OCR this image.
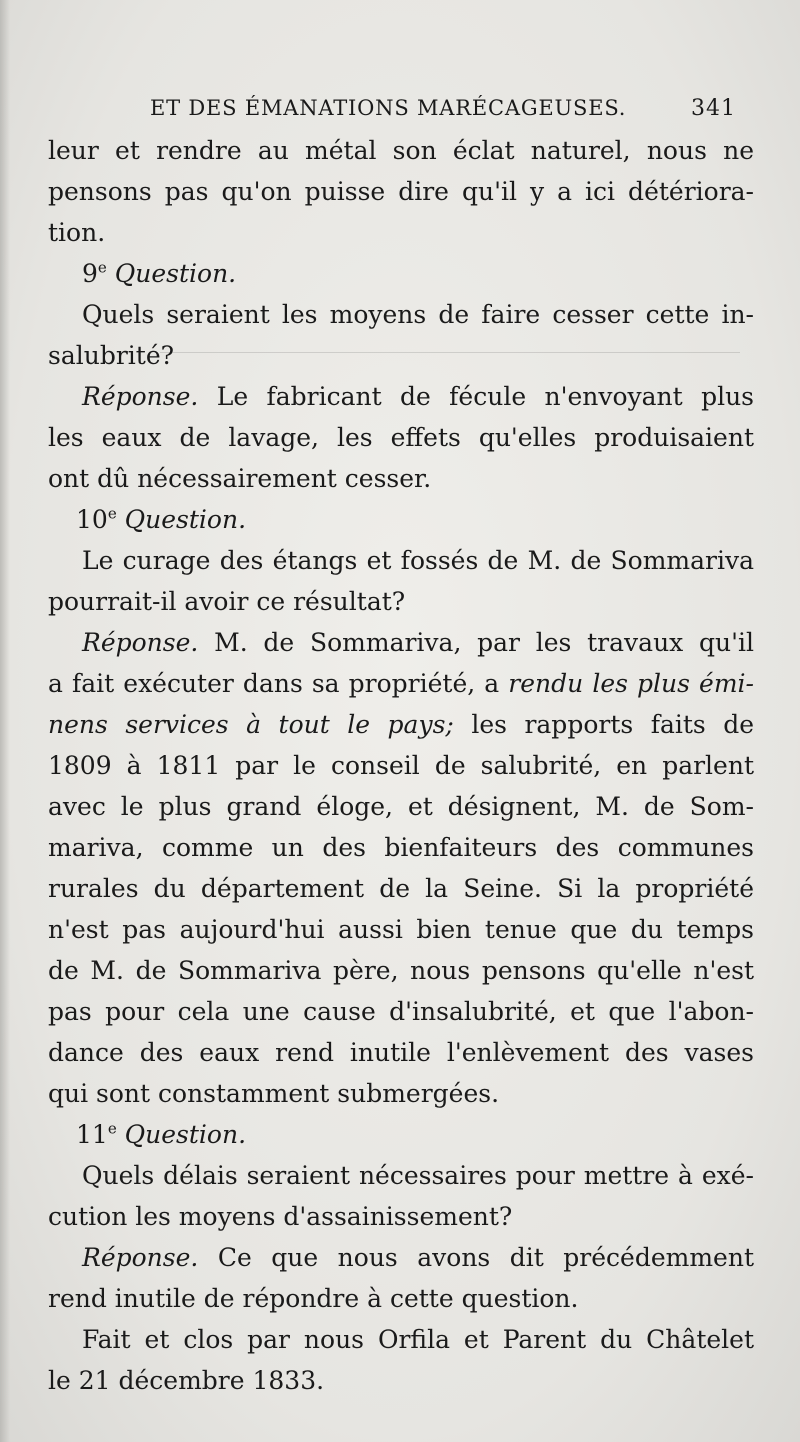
ET DES ÉMANATIONS MARÉCAGEUSES.	341
leur et rendre au métal son éclat naturel, nous ne
pensons pas qu'on puisse dire qu'il y a ici détériora-
tion.
9e Question.
Quels seraient les moyens de faire cesser cette in-
salubrité?
Réponse. Le fabricant de fécule n'envoyant plus
les eaux de lavage, les effets qu'elles produisaient
ont dû nécessairement cesser.
10e Question.
Le curage des étangs et fossés de M. de Sommariva
pourrait-il avoir ce résultat?
Réponse. M. de Sommariva, par les travaux qu'il
a fait exécuter dans sa propriété, a rendu les plus émi-
nens services à tout le pays; les rapports faits de
1809 à 1811 par le conseil de salubrité, en parlent
avec le plus grand éloge, et désignent, M. de Som-
mariva, comme un des bienfaiteurs des communes
rurales du département de la Seine. Si la propriété
n'est pas aujourd'hui aussi bien tenue que du temps
de M. de Sommariva père, nous pensons qu'elle n'est
pas pour cela une cause d'insalubrité, et que l'abon-
dance des eaux rend inutile l'enlèvement des vases
qui sont constamment submergées.
11e Question.
Quels délais seraient nécessaires pour mettre à exé-
cution les moyens d'assainissement?
Réponse. Ce que nous avons dit précédemment
rend inutile de répondre à cette question.
Fait et clos par nous Orfila et Parent du Châtelet
le 21 décembre 1833.
